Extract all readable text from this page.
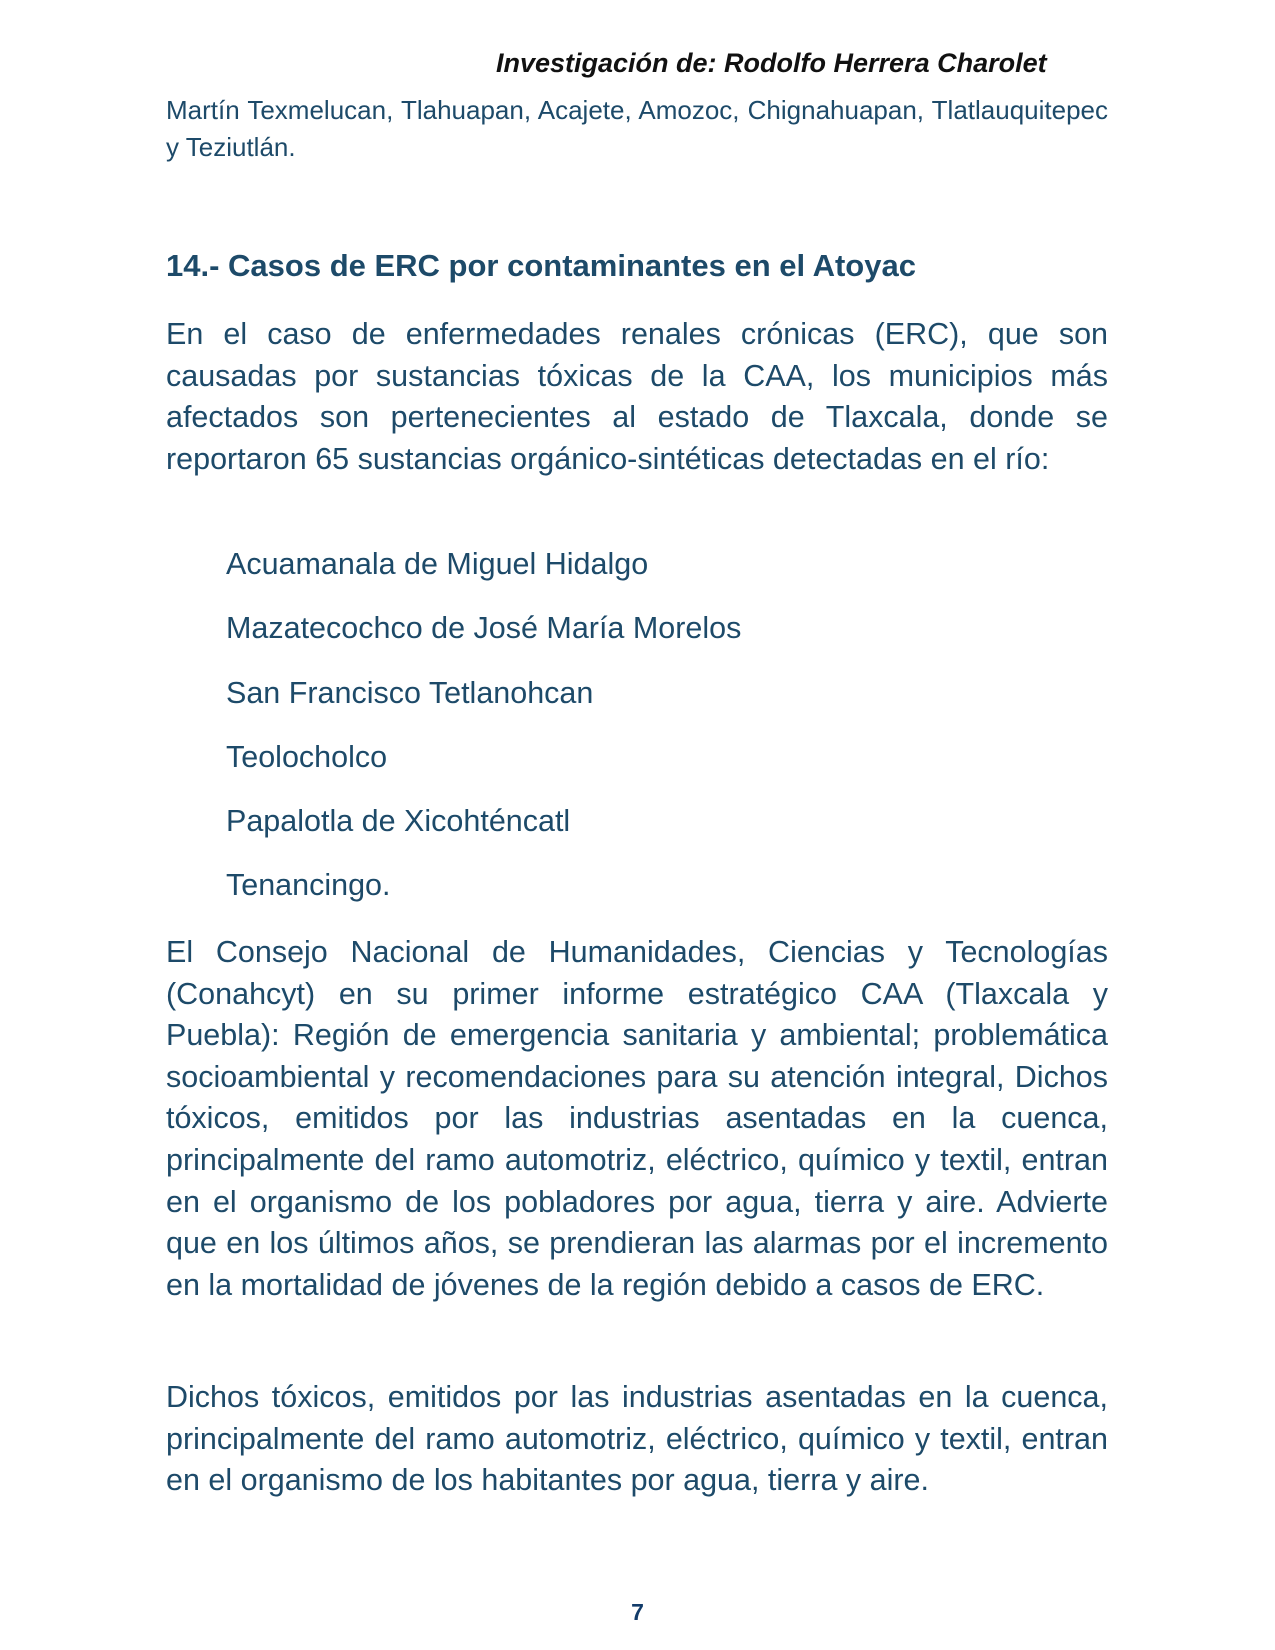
Investigación de: Rodolfo Herrera Charolet

Martín Texmelucan, Tlahuapan, Acajete, Amozoc, Chignahuapan, Tlatlauquitepec y Teziutlán.

14.- Casos de ERC por contaminantes en el Atoyac

En el caso de enfermedades renales crónicas (ERC), que son causadas por sustancias tóxicas de la CAA, los municipios más afectados son pertenecientes al estado de Tlaxcala, donde se reportaron 65 sustancias orgánico-sintéticas detectadas en el río:

Acuamanala de Miguel Hidalgo
Mazatecochco de José María Morelos
San Francisco Tetlanohcan
Teolocholco
Papalotla de Xicohténcatl
Tenancingo.

El Consejo Nacional de Humanidades, Ciencias y Tecnologías (Conahcyt) en su primer informe estratégico CAA (Tlaxcala y Puebla): Región de emergencia sanitaria y ambiental; problemática socioambiental y recomendaciones para su atención integral, Dichos tóxicos, emitidos por las industrias asentadas en la cuenca, principalmente del ramo automotriz, eléctrico, químico y textil, entran en el organismo de los pobladores por agua, tierra y aire. Advierte que en los últimos años, se prendieran las alarmas por el incremento en la mortalidad de jóvenes de la región debido a casos de ERC.

Dichos tóxicos, emitidos por las industrias asentadas en la cuenca, principalmente del ramo automotriz, eléctrico, químico y textil, entran en el organismo de los habitantes por agua, tierra y aire.

7
